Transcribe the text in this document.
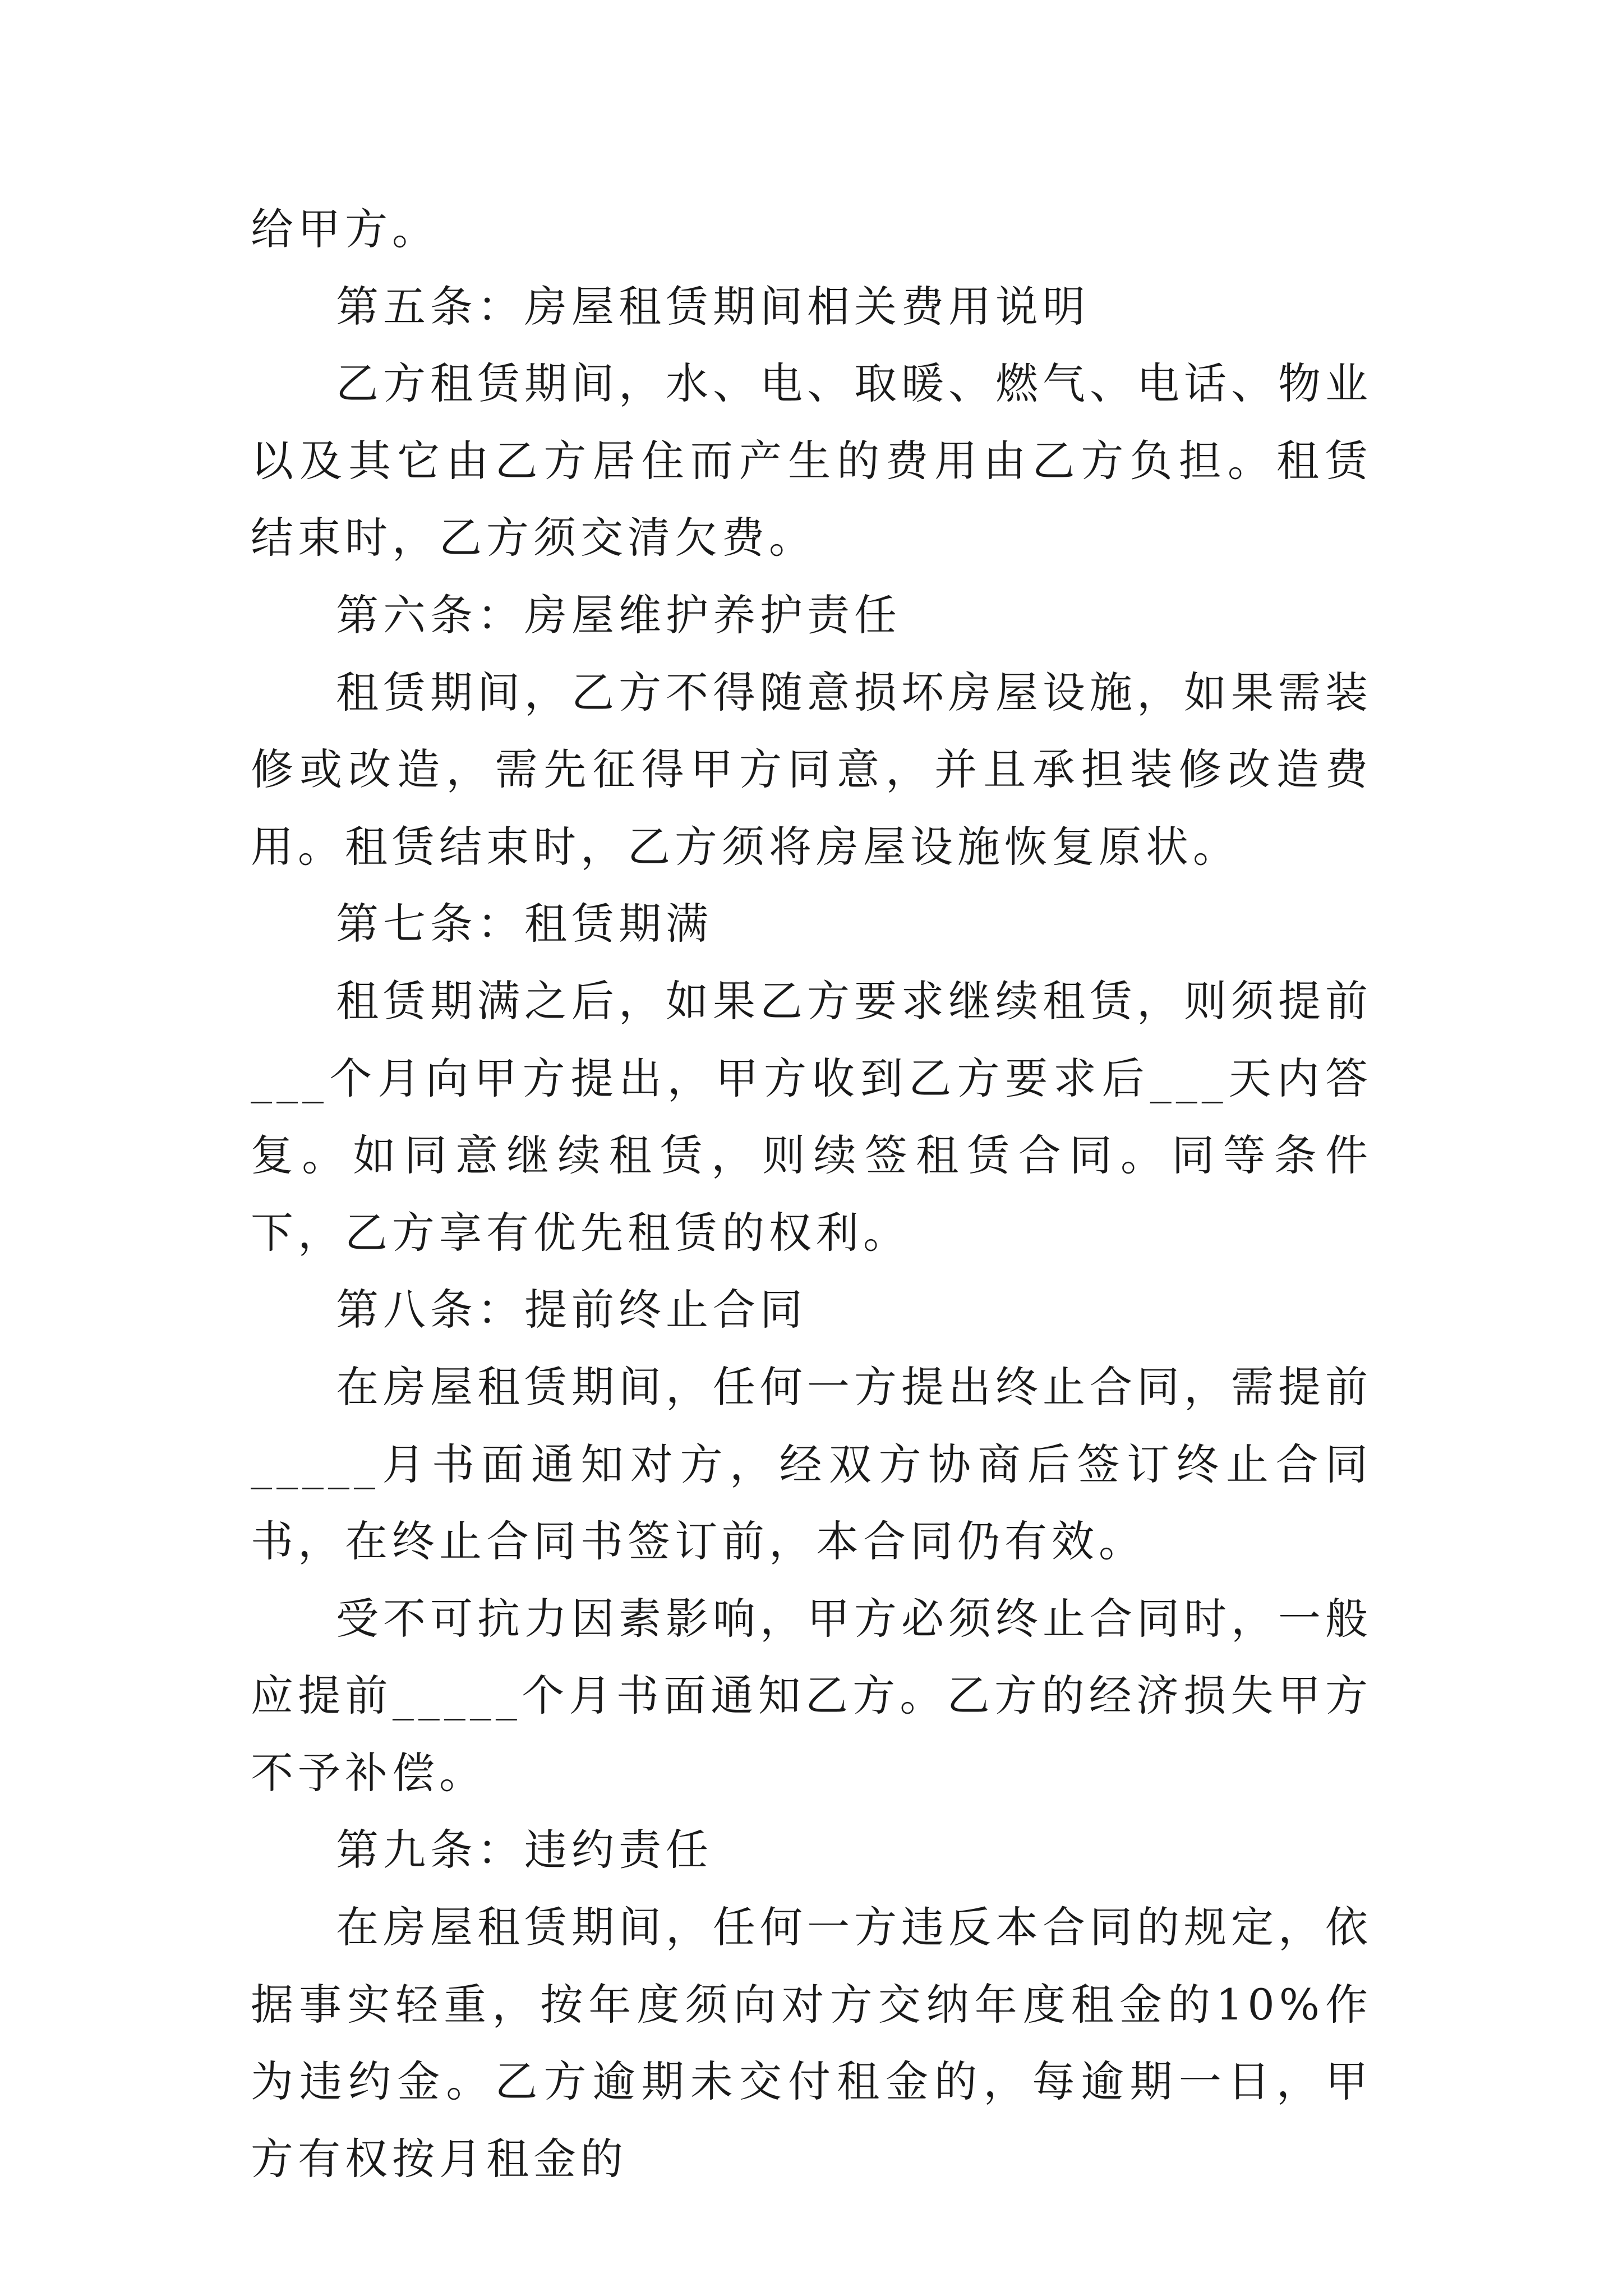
给甲方。

第五条：房屋租赁期间相关费用说明

乙方租赁期间，水、电、取暖、燃气、电话、物业以及其它由乙方居住而产生的费用由乙方负担。租赁结束时，乙方须交清欠费。

第六条：房屋维护养护责任

租赁期间，乙方不得随意损坏房屋设施，如果需装修或改造，需先征得甲方同意，并且承担装修改造费用。租赁结束时，乙方须将房屋设施恢复原状。

第七条：租赁期满

租赁期满之后，如果乙方要求继续租赁，则须提前___个月向甲方提出，甲方收到乙方要求后___天内答复。如同意继续租赁，则续签租赁合同。同等条件下，乙方享有优先租赁的权利。

第八条：提前终止合同

在房屋租赁期间，任何一方提出终止合同，需提前_____月书面通知对方，经双方协商后签订终止合同书，在终止合同书签订前，本合同仍有效。

受不可抗力因素影响，甲方必须终止合同时，一般应提前_____个月书面通知乙方。乙方的经济损失甲方不予补偿。

第九条：违约责任

在房屋租赁期间，任何一方违反本合同的规定，依据事实轻重，按年度须向对方交纳年度租金的10%作为违约金。乙方逾期未交付租金的，每逾期一日，甲方有权按月租金的
